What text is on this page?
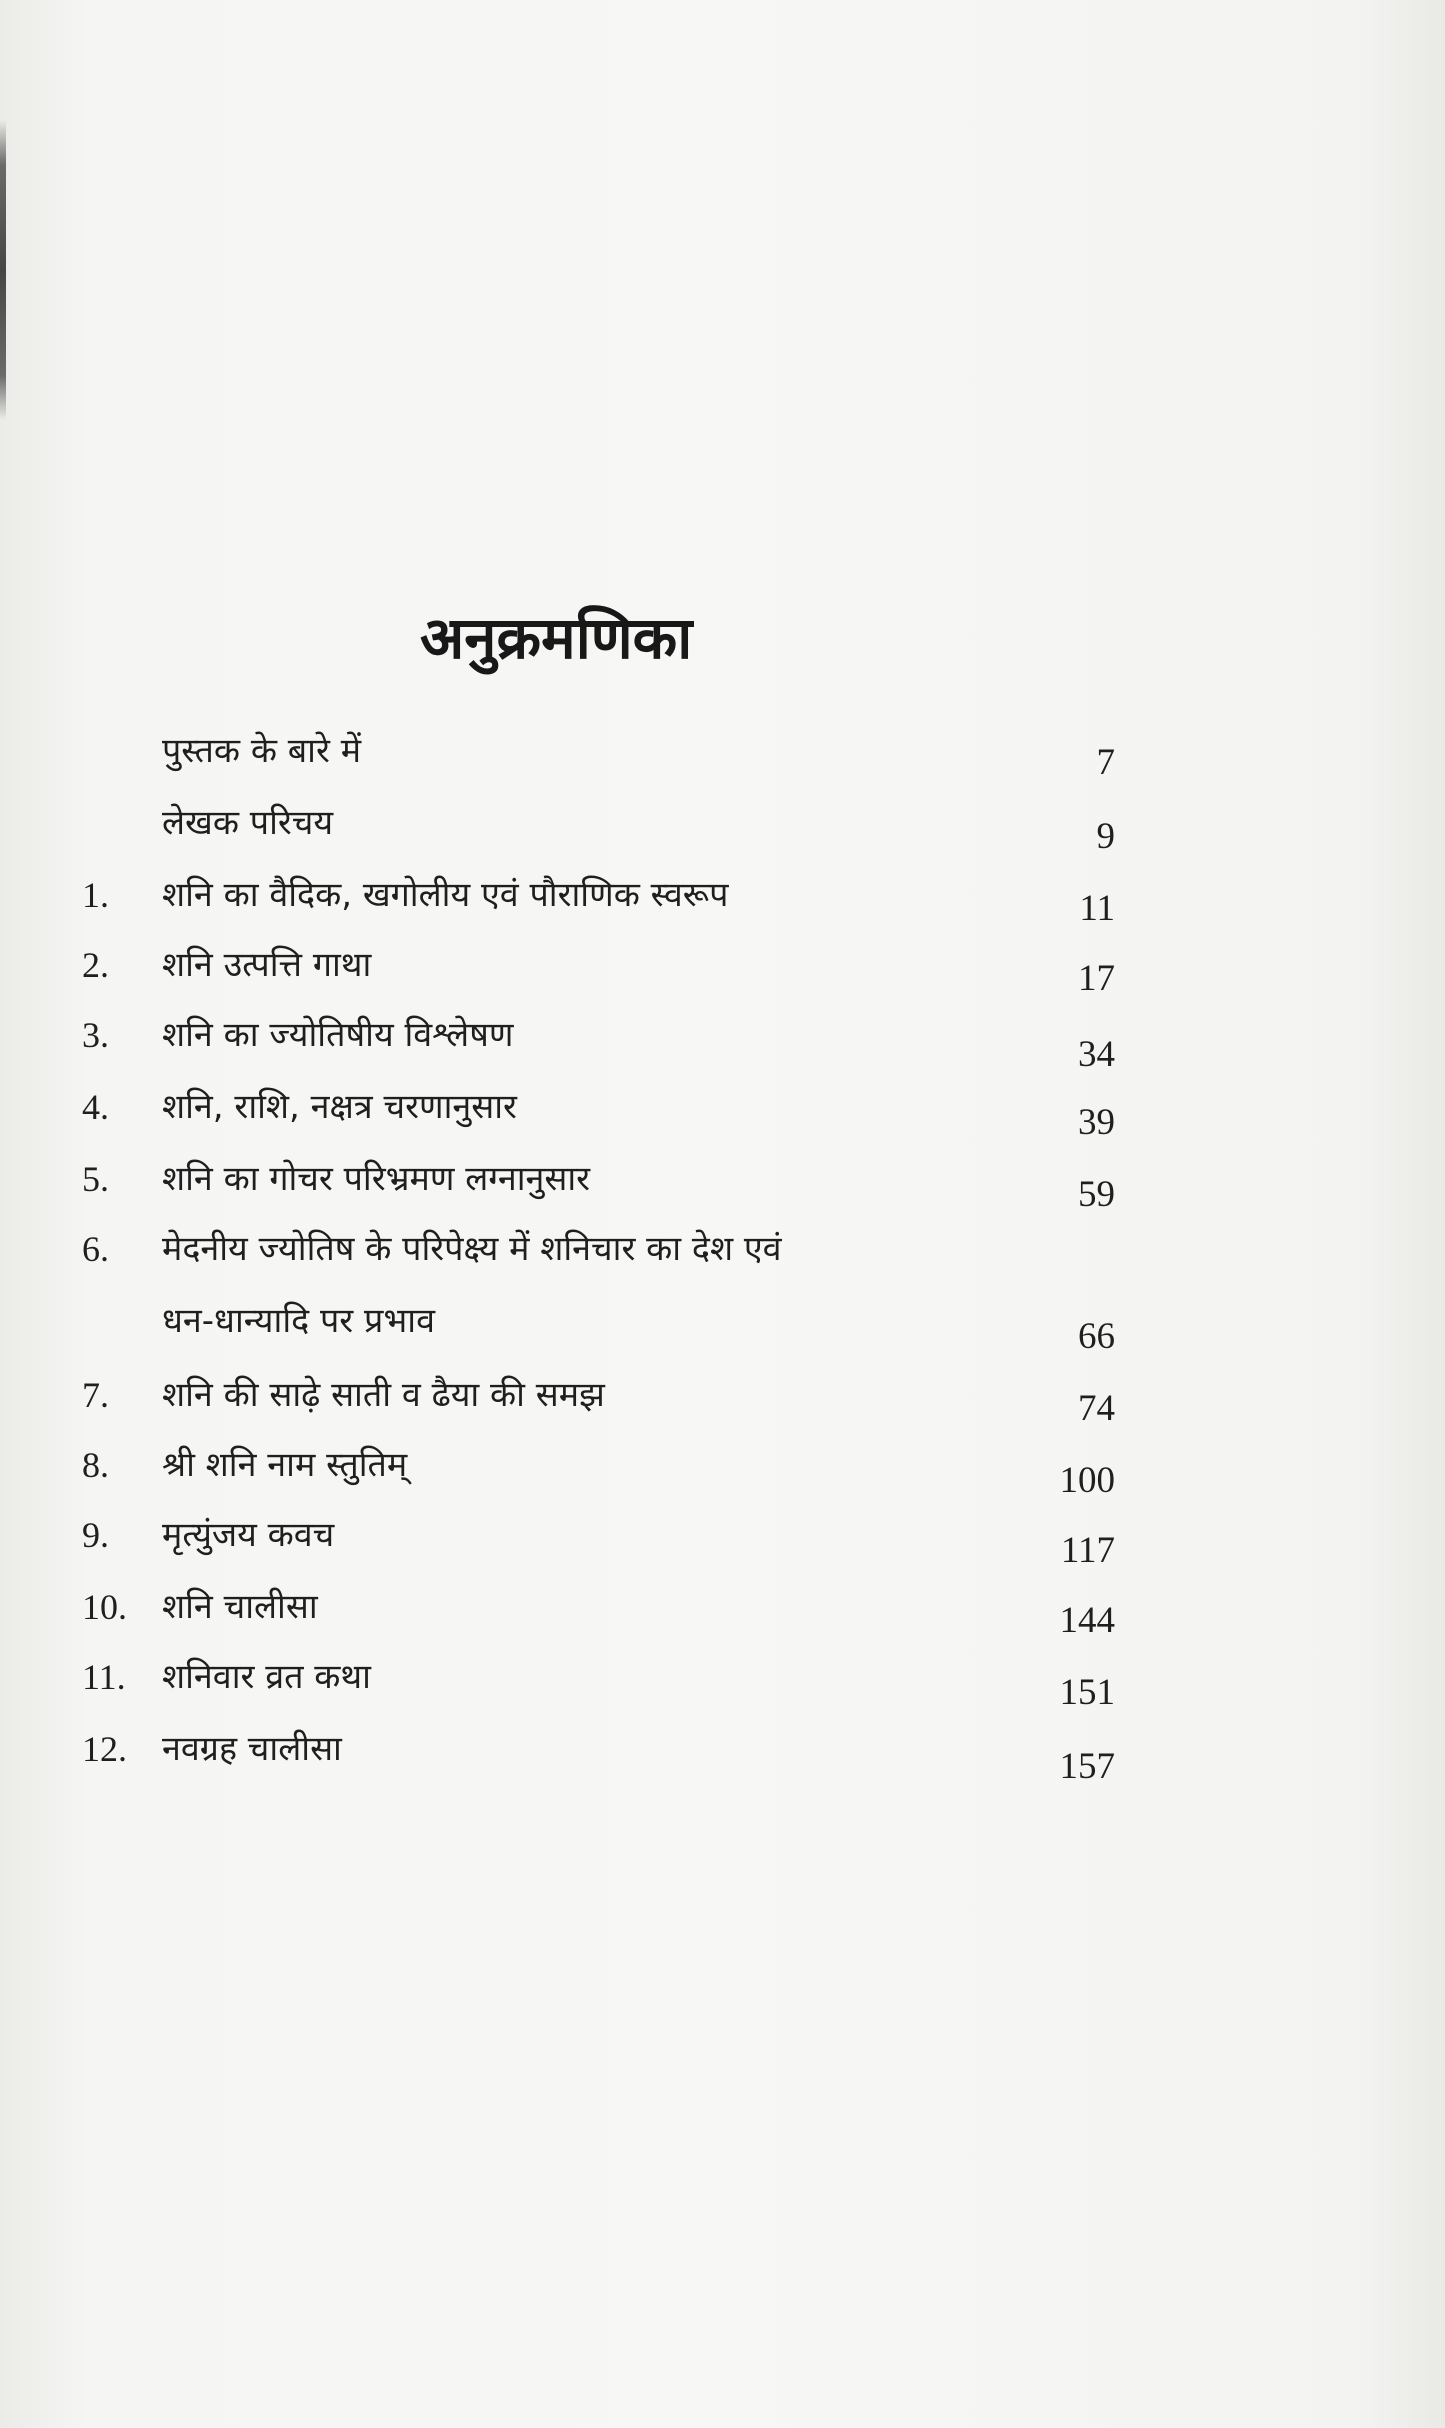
अनुक्रमणिका
पुस्तक के बारे में	7
लेखक परिचय	9
1. शनि का वैदिक, खगोलीय एवं पौराणिक स्वरूप	11
2. शनि उत्पत्ति गाथा	17
3. शनि का ज्योतिषीय विश्लेषण	34
4. शनि, राशि, नक्षत्र चरणानुसार	39
5. शनि का गोचर परिभ्रमण लग्नानुसार	59
6. मेदनीय ज्योतिष के परिपेक्ष्य में शनिचार का देश एवं
धन-धान्यादि पर प्रभाव	66
7. शनि की साढ़े साती व ढैया की समझ	74
8. श्री शनि नाम स्तुतिम्	100
9. मृत्युंजय कवच	117
10. शनि चालीसा	144
11. शनिवार व्रत कथा	151
12. नवग्रह चालीसा	157
